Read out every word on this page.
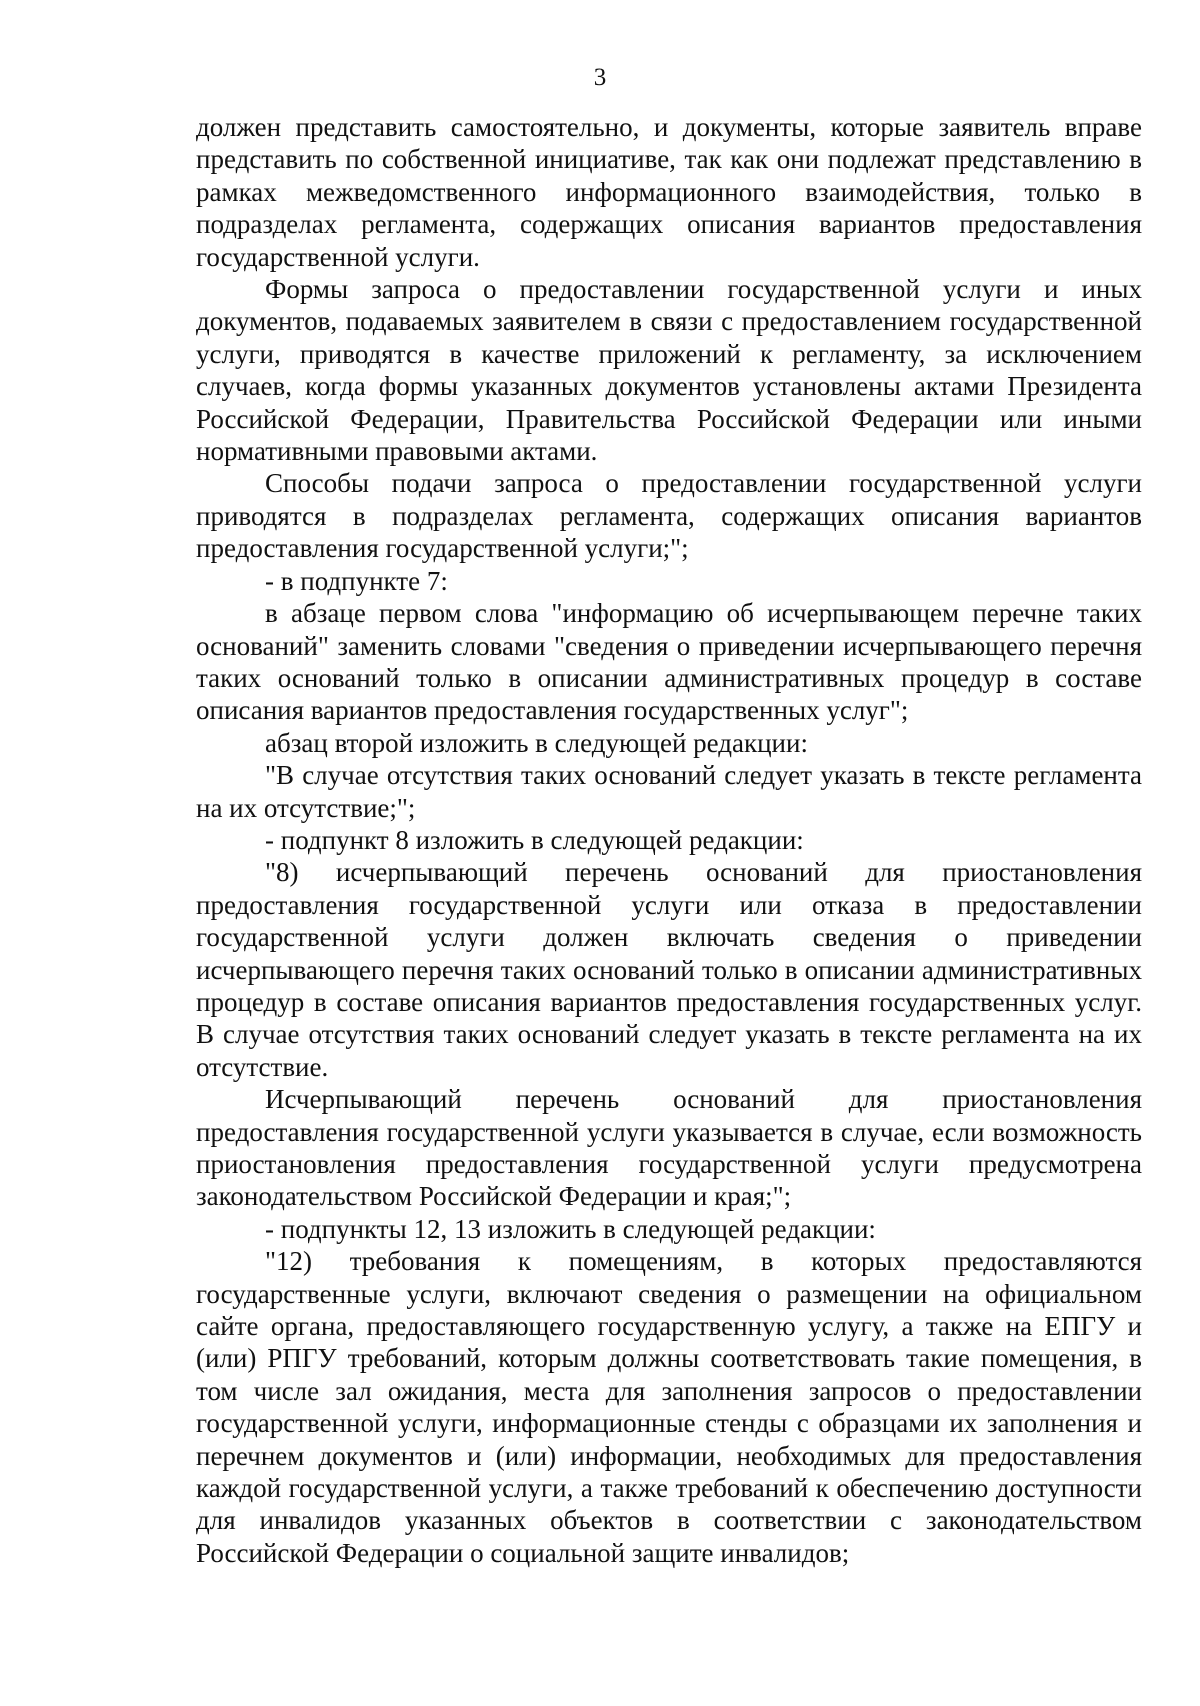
3

должен представить самостоятельно, и документы, которые заявитель вправе представить по собственной инициативе, так как они подлежат представлению в рамках межведомственного информационного взаимодействия, только в подразделах регламента, содержащих описания вариантов предоставления государственной услуги.

Формы запроса о предоставлении государственной услуги и иных документов, подаваемых заявителем в связи с предоставлением государственной услуги, приводятся в качестве приложений к регламенту, за исключением случаев, когда формы указанных документов установлены актами Президента Российской Федерации, Правительства Российской Федерации или иными нормативными правовыми актами.

Способы подачи запроса о предоставлении государственной услуги приводятся в подразделах регламента, содержащих описания вариантов предоставления государственной услуги;";

- в подпункте 7:

в абзаце первом слова "информацию об исчерпывающем перечне таких оснований" заменить словами "сведения о приведении исчерпывающего перечня таких оснований только в описании административных процедур в составе описания вариантов предоставления государственных услуг";

абзац второй изложить в следующей редакции:

"В случае отсутствия таких оснований следует указать в тексте регламента на их отсутствие;";

- подпункт 8 изложить в следующей редакции:

"8) исчерпывающий перечень оснований для приостановления предоставления государственной услуги или отказа в предоставлении государственной услуги должен включать сведения о приведении исчерпывающего перечня таких оснований только в описании административных процедур в составе описания вариантов предоставления государственных услуг. В случае отсутствия таких оснований следует указать в тексте регламента на их отсутствие.

Исчерпывающий перечень оснований для приостановления предоставления государственной услуги указывается в случае, если возможность приостановления предоставления государственной услуги предусмотрена законодательством Российской Федерации и края;";

- подпункты 12, 13 изложить в следующей редакции:

"12) требования к помещениям, в которых предоставляются государственные услуги, включают сведения о размещении на официальном сайте органа, предоставляющего государственную услугу, а также на ЕПГУ и (или) РПГУ требований, которым должны соответствовать такие помещения, в том числе зал ожидания, места для заполнения запросов о предоставлении государственной услуги, информационные стенды с образцами их заполнения и перечнем документов и (или) информации, необходимых для предоставления каждой государственной услуги, а также требований к обеспечению доступности для инвалидов указанных объектов в соответствии с законодательством Российской Федерации о социальной защите инвалидов;
